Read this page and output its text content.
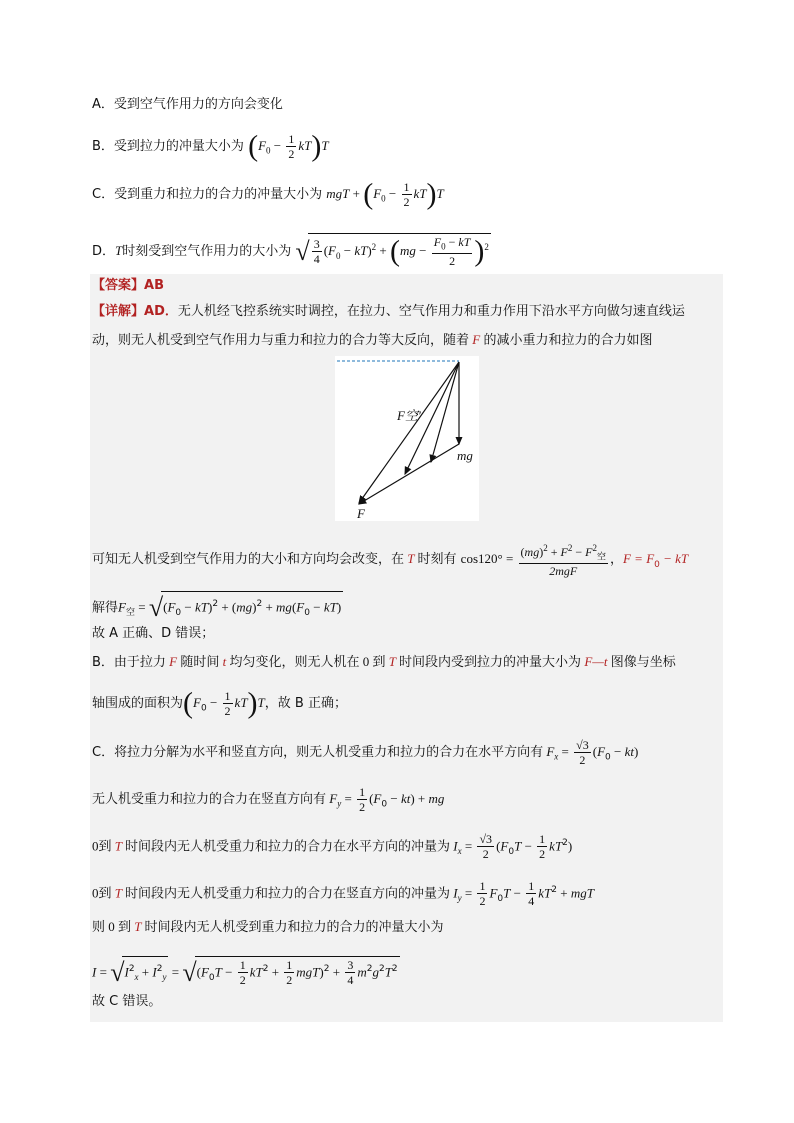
A．受到空气作用力的方向会变化
B．受到拉力的冲量大小为 $(F_0 - \frac{1}{2} kT)T$
C．受到重力和拉力的合力的冲量大小为 mgT + $(F_0 - \frac{1}{2} kT)T$
D．T时刻受到空气作用力的大小为 √ $\frac{3}{4} (F_0 - kT)^2 + (mg - \frac{F_0 - kT}{2} )^2$
【答案】AB
【详解】AD．无人机经飞控系统实时调控，在拉力、空气作用力和重力作用下沿水平方向做匀速直线运
动，则无人机受到空气作用力与重力和拉力的合力等大反向，随着 F 的减小重力和拉力的合力如图
F空′
mg
F
可知无人机受到空气作用力的大小和方向均会改变，在 T 时刻有 $\cos 120^\circ = \frac{(mg)^2 + F^2 - F^2_空}{\text{2mgF}}$ ，$F = F_0$ − kT
解得$F_空 = √(F_0 - kT)^2 + (mg)^2 + mg(F_0 - kT)$
故 A 正确、D 错误；
B．由于拉力 F 随时间 t 均匀变化，则无人机在 0 到 T 时间段内受到拉力的冲量大小为 F—t 图像与坐标
轴围成的面积为$(F_0 - \frac{1}{2} kT)T$，故 B 正确；
C．将拉力分解为水平和竖直方向，则无人机受重力和拉力的合力在水平方向有 $F_x = \frac{√3}{2} (F_0 - kt)$
无人机受重力和拉力的合力在竖直方向有 $F_y = \frac{1}{2} (F_0 - kt)$ + mg
0到 T 时间段内无人机受重力和拉力的合力在水平方向的冲量为 $I_x = \frac{√3}{2} (F_0T - \frac{1}{2} kT^2)$
0到 T 时间段内无人机受重力和拉力的合力在竖直方向的冲量为 $I_y = \frac{1}{2} F_0T - \frac{1}{4} kT^2$ + mgT
则 0 到 T 时间段内无人机受到重力和拉力的合力的冲量大小为
$I = √I^2_x + I^2_y = √(F_0T - \frac{1}{2} kT^2 + \frac{1}{2} mgT)^2 + \frac{3}{4} m^2g^2T^2$
故 C 错误。
